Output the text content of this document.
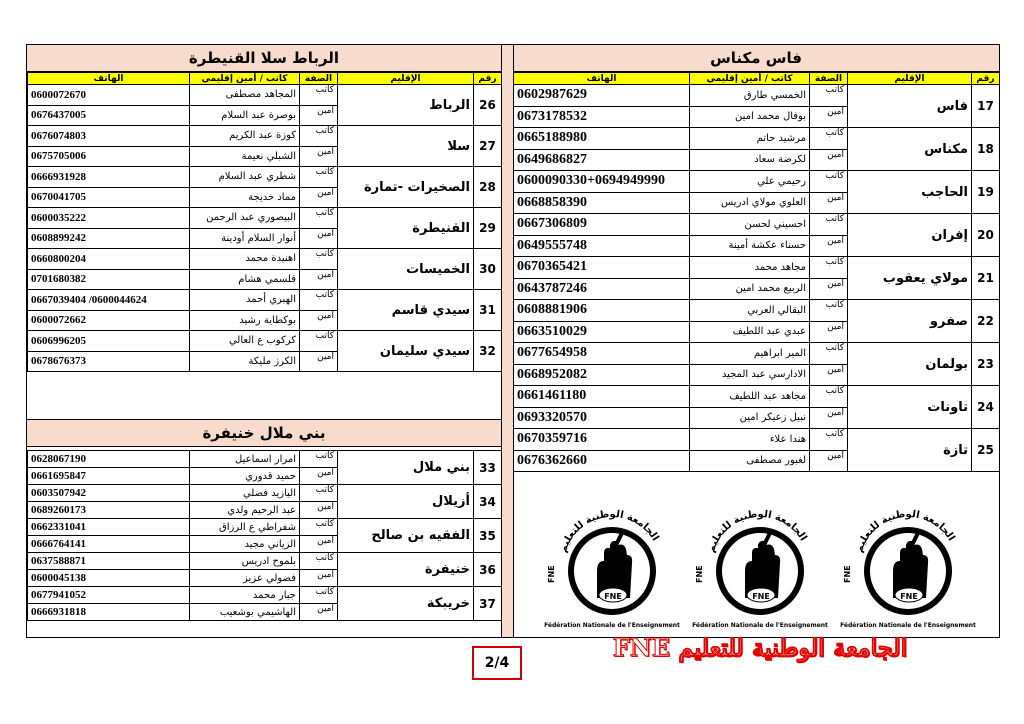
فاس مكناس
رقم	الإقليم	الصفة	كاتب / أمين إقليمي	الهاتف
17	فاس	كاتب	الخمسي طارق	0602987629
		أمين	بوفال محمد امين	0673178532
18	مكناس	كاتب	مرشيد حاتم	0665188980
		أمين	لكرضة سعاد	0649686827
19	الحاجب	كاتب	رحيمي علي	0600090330+0694949990
		أمين	العلوي مولاي ادريس	0668858390
20	إفران	كاتب	احسيني لحسن	0667306809
		أمين	حسناء عكشة أمينة	0649555748
21	مولاي يعقوب	كاتب	مجاهد محمد	0670365421
		أمين	الربيع محمد امين	0643787246
22	صفرو	كاتب	البقالي العربي	0608881906
		أمين	عبدي عبد اللطيف	0663510029
23	بولمان	كاتب	المير ابراهيم	0677654958
		أمين	الادارسي عبد المجيد	0668952082
24	تاونات	كاتب	مجاهد عبد اللطيف	0661461180
		أمين	نبيل زعيكر امين	0693320570
25	تازة	كاتب	هندا علاء	0670359716
		أمين	لغبور مصطفى	0676362660
الرباط سلا القنيطرة
رقم	الإقليم	الصفة	كاتب / أمين إقليمي	الهاتف
26	الرباط	كاتب	المجاهد مصطفى	0600072670
		أمين	بوصرة عبد السلام	0676437005
27	سلا	كاتب	كوزة عبد الكريم	0676074803
		أمين	الشبلي نعيمة	0675705006
28	الصخيرات -تمارة	كاتب	شطري عبد السلام	0666931928
		أمين	مماد خديجة	0670041705
29	القنيطرة	كاتب	البيصوري عبد الرحمن	0600035222
		أمين	أنوار السلام أودينة	0608899242
30	الخميسات	كاتب	اهنيدة محمد	0660800204
		أمين	قلسمي هشام	0701680382
31	سيدي قاسم	كاتب	الهبري أحمد	0667039404 /0600044624
		أمين	بوكطاية رشيد	0600072662
32	سيدي سليمان	كاتب	كركوب ع العالي	0606996205
		أمين	الكرز مليكة	0678676373
بني ملال خنيفرة
33	بني ملال	كاتب	امرار اسماعيل	0628067190
		أمين	حميد قدوري	0661695847
34	أزيلال	كاتب	اليازيد فضلي	0603507942
		أمين	عبد الرحيم ولدي	0689260173
35	الفقيه بن صالح	كاتب	شفراطي ع الرزاق	0662331041
		أمين	الزياني مجيد	0666764141
36	خنيفرة	كاتب	بلموح ادريس	0637588871
		أمين	فضولي عزيز	0600045138
37	خريبكة	كاتب	جبار محمد	0677941052
		أمين	الهاشيمي بوشعيب	0666931818
الجامعة الوطنية للتعليم
FNE
FNE
Fédération Nationale de l'Enseignement
الجامعة الوطنية للتعليم
FNE
FNE
Fédération Nationale de l'Enseignement
الجامعة الوطنية للتعليم
FNE
FNE
Fédération Nationale de l'Enseignement
الجامعة الوطنية للتعليم FNE
2/4
